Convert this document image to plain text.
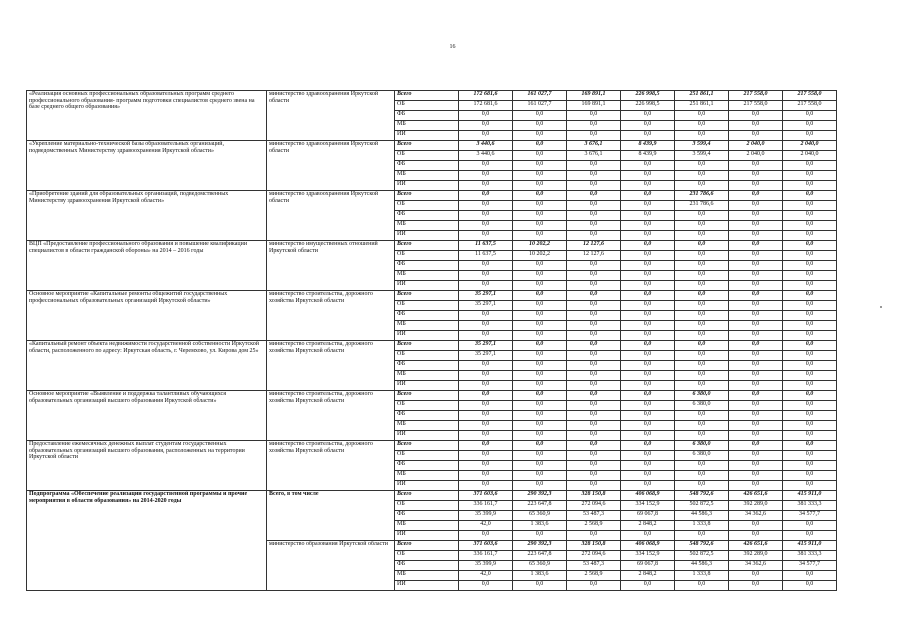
16
«Реализация основных профессиональных образовательных программ среднего профессионального образования- программ подготовки специалистов среднего звена на базе среднего общего образования»	министерство здравоохранения Иркутской области	Всего	172 681,6	161 027,7	169 891,1	226 998,5	251 861,1	217 558,0	217 558,0
		ОБ	172 681,6	161 027,7	169 891,1	226 998,5	251 861,1	217 558,0	217 558,0
		ФБ	0,0	0,0	0,0	0,0	0,0	0,0	0,0
		МБ	0,0	0,0	0,0	0,0	0,0	0,0	0,0
		ИИ	0,0	0,0	0,0	0,0	0,0	0,0	0,0
«Укрепление материально-технической базы образовательных организаций, подведомственных Министерству здравоохранения Иркутской области»	министерство здравоохранения Иркутской области	Всего	3 440,6	0,0	3 676,1	8 439,9	3 599,4	2 040,0	2 040,0
		ОБ	3 440,6	0,0	3 676,1	8 439,9	3 599,4	2 040,0	2 040,0
		ФБ	0,0	0,0	0,0	0,0	0,0	0,0	0,0
		МБ	0,0	0,0	0,0	0,0	0,0	0,0	0,0
		ИИ	0,0	0,0	0,0	0,0	0,0	0,0	0,0
«Приобретение зданий для образовательных организаций, подведомственных Министерству здравоохранения Иркутской области»	министерство здравоохранения Иркутской области	Всего	0,0	0,0	0,0	0,0	231 786,6	0,0	0,0
		ОБ	0,0	0,0	0,0	0,0	231 786,6	0,0	0,0
		ФБ	0,0	0,0	0,0	0,0	0,0	0,0	0,0
		МБ	0,0	0,0	0,0	0,0	0,0	0,0	0,0
		ИИ	0,0	0,0	0,0	0,0	0,0	0,0	0,0
ВЦП «Предоставление профессионального образования и повышение квалификации специалистов в области гражданской обороны» на 2014 – 2016 годы	министерство имущественных отношений Иркутской области	Всего	11 637,5	10 202,2	12 127,6	0,0	0,0	0,0	0,0
		ОБ	11 637,5	10 202,2	12 127,6	0,0	0,0	0,0	0,0
		ФБ	0,0	0,0	0,0	0,0	0,0	0,0	0,0
		МБ	0,0	0,0	0,0	0,0	0,0	0,0	0,0
		ИИ	0,0	0,0	0,0	0,0	0,0	0,0	0,0
Основное мероприятие «Капитальные ремонты общежитий государственных профессиональных образовательных организаций Иркутской области»	министерство строительства, дорожного хозяйства Иркутской области	Всего	35 297,1	0,0	0,0	0,0	0,0	0,0	0,0
		ОБ	35 297,1	0,0	0,0	0,0	0,0	0,0	0,0
		ФБ	0,0	0,0	0,0	0,0	0,0	0,0	0,0
		МБ	0,0	0,0	0,0	0,0	0,0	0,0	0,0
		ИИ	0,0	0,0	0,0	0,0	0,0	0,0	0,0
«Капитальный ремонт объекта недвижимости государственной собственности Иркутской области, расположенного по адресу: Иркутская область, г. Черемхово, ул. Кирова дом 25»	министерство строительства, дорожного хозяйства Иркутской области	Всего	35 297,1	0,0	0,0	0,0	0,0	0,0	0,0
		ОБ	35 297,1	0,0	0,0	0,0	0,0	0,0	0,0
		ФБ	0,0	0,0	0,0	0,0	0,0	0,0	0,0
		МБ	0,0	0,0	0,0	0,0	0,0	0,0	0,0
		ИИ	0,0	0,0	0,0	0,0	0,0	0,0	0,0
Основное мероприятие «Выявление и поддержка талантливых обучающихся образовательных организаций высшего образования Иркутской области»	министерство строительства, дорожного хозяйства Иркутской области	Всего	0,0	0,0	0,0	0,0	6 380,0	0,0	0,0
		ОБ	0,0	0,0	0,0	0,0	6 380,0	0,0	0,0
		ФБ	0,0	0,0	0,0	0,0	0,0	0,0	0,0
		МБ	0,0	0,0	0,0	0,0	0,0	0,0	0,0
		ИИ	0,0	0,0	0,0	0,0	0,0	0,0	0,0
Предоставление ежемесячных денежных выплат студентам государственных образовательных организаций высшего образования, расположенных на территории Иркутской области	министерство строительства, дорожного хозяйства Иркутской области	Всего	0,0	0,0	0,0	0,0	6 380,0	0,0	0,0
		ОБ	0,0	0,0	0,0	0,0	6 380,0	0,0	0,0
		ФБ	0,0	0,0	0,0	0,0	0,0	0,0	0,0
		МБ	0,0	0,0	0,0	0,0	0,0	0,0	0,0
		ИИ	0,0	0,0	0,0	0,0	0,0	0,0	0,0
Подпрограмма «Обеспечение реализации государственной программы и прочие мероприятия в области образования» на 2014-2020 годы	Всего, в том числе	Всего	371 603,6	290 392,3	328 150,8	406 068,9	548 792,6	426 651,6	415 911,0
		ОБ	336 161,7	223 647,8	272 094,6	334 152,9	502 872,5	392 289,0	381 333,3
		ФБ	35 399,9	65 360,9	53 487,3	69 067,8	44 586,3	34 362,6	34 577,7
		МБ	42,0	1 383,6	2 568,9	2 848,2	1 333,8	0,0	0,0
		ИИ	0,0	0,0	0,0	0,0	0,0	0,0	0,0
	министерство образования Иркутской области	Всего	371 603,6	290 392,3	328 150,8	406 068,9	548 792,6	426 651,6	415 911,0
		ОБ	336 161,7	223 647,8	272 094,6	334 152,9	502 872,5	392 289,0	381 333,3
		ФБ	35 399,9	65 360,9	53 487,3	69 067,8	44 586,3	34 362,6	34 577,7
		МБ	42,0	1 383,6	2 568,9	2 848,2	1 333,8	0,0	0,0
		ИИ	0,0	0,0	0,0	0,0	0,0	0,0	0,0
